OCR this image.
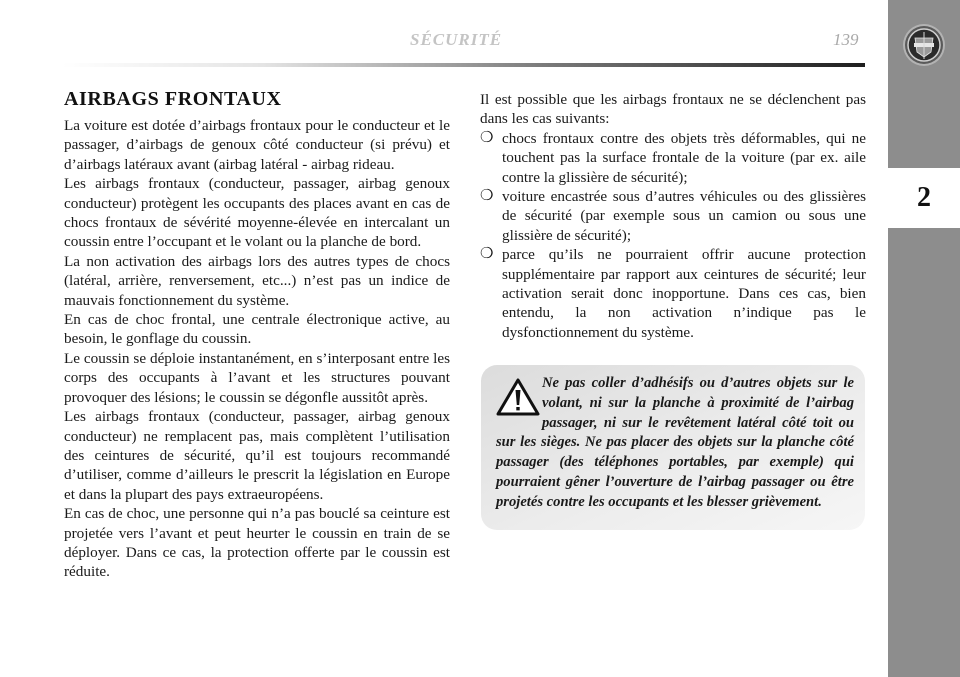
2
SÉCURITÉ	139
AIRBAGS FRONTAUX

La voiture est dotée d’airbags frontaux pour le conducteur et le passager, d’airbags de genoux côté conducteur (si prévu) et d’airbags latéraux avant (airbag latéral - airbag rideau.

Les airbags frontaux (conducteur, passager, airbag genoux conducteur) protègent les occupants des places avant en cas de chocs frontaux de sévérité moyenne-élevée en intercalant un coussin entre l’occupant et le volant ou la planche de bord.

La non activation des airbags lors des autres types de chocs (latéral, arrière, renversement, etc...) n’est pas un indice de mauvais fonctionnement du système.

En cas de choc frontal, une centrale électronique active, au besoin, le gonflage du coussin.

Le coussin se déploie instantanément, en s’interposant entre les corps des occupants à l’avant et les structures pouvant provoquer des lésions; le coussin se dégonfle aussitôt après.

Les airbags frontaux (conducteur, passager, airbag genoux conducteur) ne remplacent pas, mais complètent l’utilisation des ceintures de sécurité, qu’il est toujours recommandé d’utiliser, comme d’ailleurs le prescrit la législation en Europe et dans la plupart des pays extraeuropéens.

En cas de choc, une personne qui n’a pas bouclé sa ceinture est projetée vers l’avant et peut heurter le coussin en train de se déployer. Dans ce cas, la protection offerte par le coussin est réduite.

Il est possible que les airbags frontaux ne se déclenchent pas dans les cas suivants:

❍ chocs frontaux contre des objets très déformables, qui ne touchent pas la surface frontale de la voiture (par ex. aile contre la glissière de sécurité);
❍ voiture encastrée sous d’autres véhicules ou des glissières de sécurité (par exemple sous un camion ou sous une glissière de sécurité);
❍ parce qu’ils ne pourraient offrir aucune protection supplémentaire par rapport aux ceintures de sécurité; leur activation serait donc inopportune. Dans ces cas, bien entendu, la non activation n’indique pas le dysfonctionnement du système.
Ne pas coller d’adhésifs ou d’autres objets sur le volant, ni sur la planche à proximité de l’airbag passager, ni sur le revêtement latéral côté toit ou sur les sièges. Ne pas placer des objets sur la planche côté passager (des téléphones portables, par exemple) qui pourraient gêner l’ouverture de l’airbag passager ou être projetés contre les occupants et les blesser grièvement.
